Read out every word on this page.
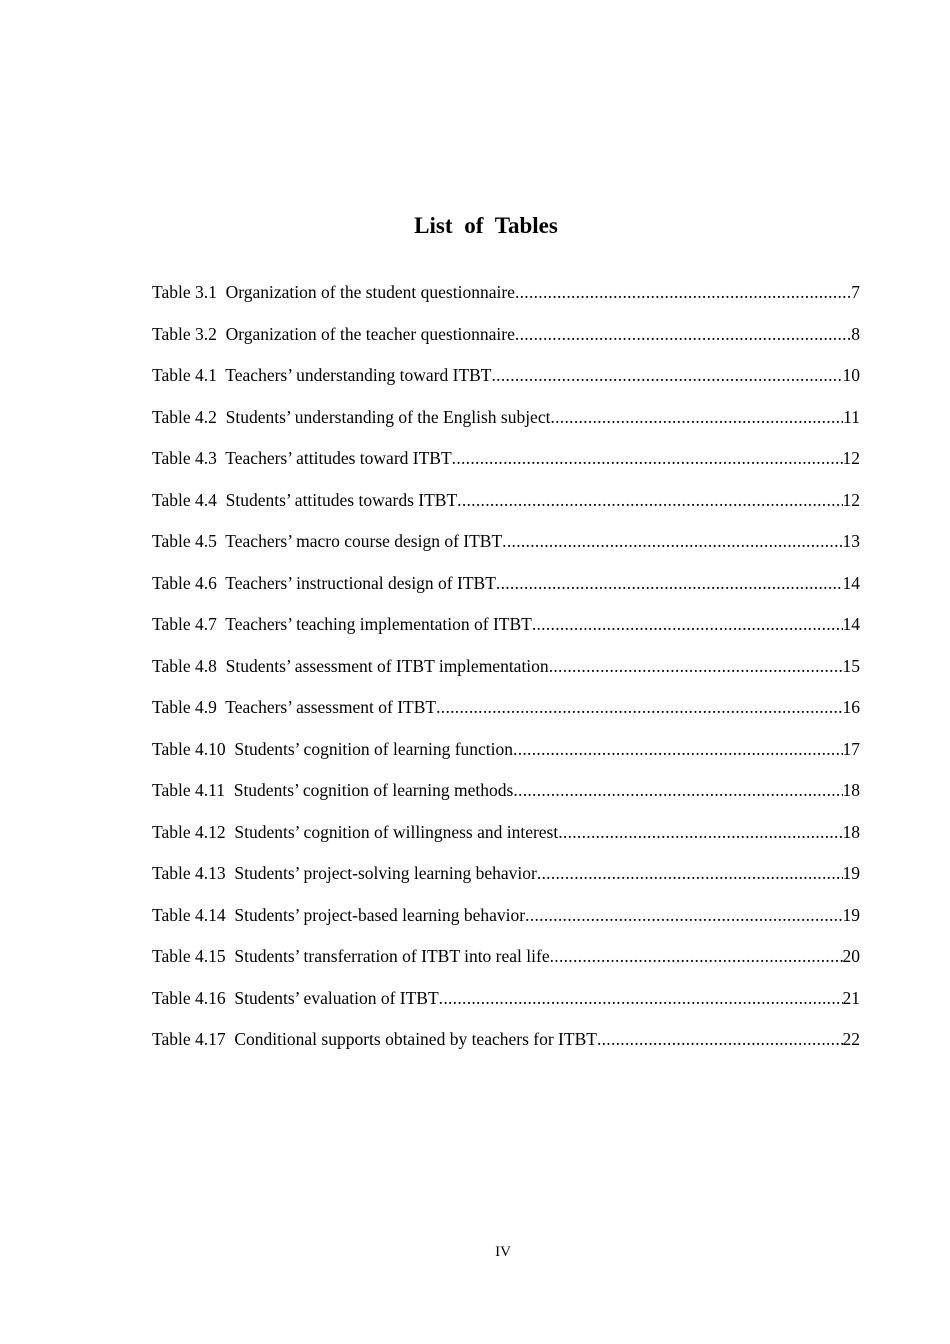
List of Tables
Table 3.1  Organization of the student questionnaire .....	7
Table 3.2  Organization of the teacher questionnaire .....	8
Table 4.1  Teachers’ understanding toward ITBT .....	10
Table 4.2  Students’ understanding of the English subject .....	11
Table 4.3  Teachers’ attitudes toward ITBT .....	12
Table 4.4  Students’ attitudes towards ITBT .....	12
Table 4.5  Teachers’ macro course design of ITBT .....	13
Table 4.6  Teachers’ instructional design of ITBT .....	14
Table 4.7  Teachers’ teaching implementation of ITBT .....	14
Table 4.8  Students’ assessment of ITBT implementation .....	15
Table 4.9  Teachers’ assessment of ITBT .....	16
Table 4.10  Students’ cognition of learning function .....	17
Table 4.11  Students’ cognition of learning methods .....	18
Table 4.12  Students’ cognition of willingness and interest .....	18
Table 4.13  Students’ project-solving learning behavior .....	19
Table 4.14  Students’ project-based learning behavior .....	19
Table 4.15  Students’ transferration of ITBT into real life .....	20
Table 4.16  Students’ evaluation of ITBT .....	21
Table 4.17  Conditional supports obtained by teachers for ITBT .....	22
IV
